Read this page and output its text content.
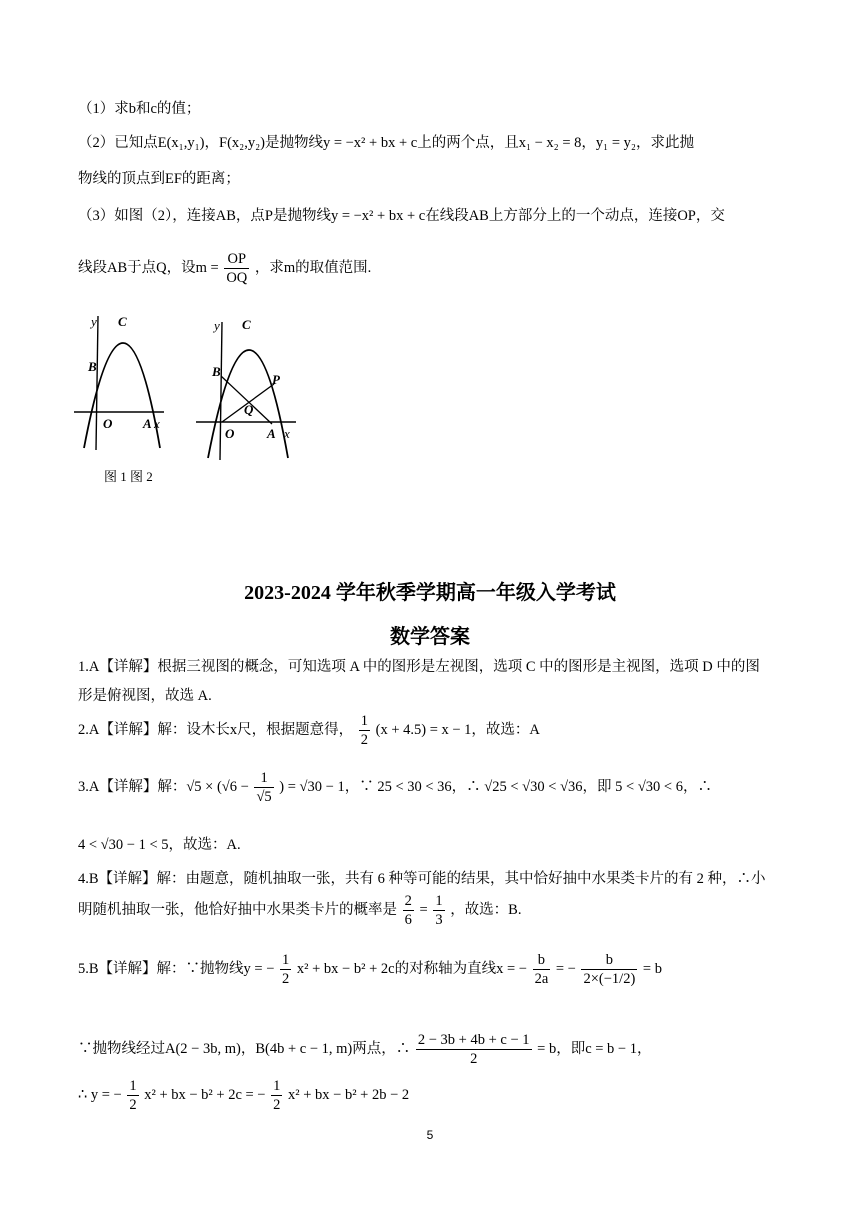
（1）求b和c的值；
（2）已知点E(x₁,y₁)，F(x₂,y₂)是抛物线y = −x² + bx + c上的两个点，且x₁ − x₂ = 8，y₁ = y₂，求此抛
物线的顶点到EF的距离；
（3）如图（2），连接AB，点P是抛物线y = −x² + bx + c在线段AB上方部分上的一个动点，连接OP，交
线段AB于点Q，设$m = \frac{OP}{OQ}$ ，求m的取值范围.
y C
B
O A x
y C
B
P
Q
O	A x
图 1 图 2
2023-2024 学年秋季学期高一年级入学考试
数学答案
1.A【详解】根据三视图的概念，可知选项 A 中的图形是左视图，选项 C 中的图形是主视图，选项 D 中的图
形是俯视图，故选 A.
2.A【详解】解：设木长x尺，根据题意得， $\frac{1}{2} (x + 4.5) = x - 1$，故选：A
3.A【详解】解：$√5 \times (√6 - \frac{1}{√5}$ ) = √30 − 1，∵ 25 < 30 < 36，∴ √25 < √30 < √36，即 5 < √30 < 6，∴
4 < √30 − 1 < 5，故选：A.
4.B【详解】解：由题意，随机抽取一张，共有 6 种等可能的结果，其中恰好抽中水果类卡片的有 2 种，∴小
明随机抽取一张，他恰好抽中水果类卡片的概率是 $\frac{2}{6} = \frac{1}{3}$ ，故选：B.
5.B【详解】解：∵抛物线y = − $\frac{1}{2} x^2$ + bx − b² + 2c的对称轴为直线x = − $\frac{b}{2a}$ = − $\frac{b}{2\times(-1/2)} = b$
∵抛物线经过A(2 − 3b, m)，B(4b + c − 1, m)两点，∴ $\frac{2 - 3b + 4b + c - 1}{2} = b$，即c = b − 1，
∴ y = − $\frac{1}{2} x^2$ + bx − b² + 2c = − $\frac{1}{2} x^2$ + bx − b² + 2b − 2
5
